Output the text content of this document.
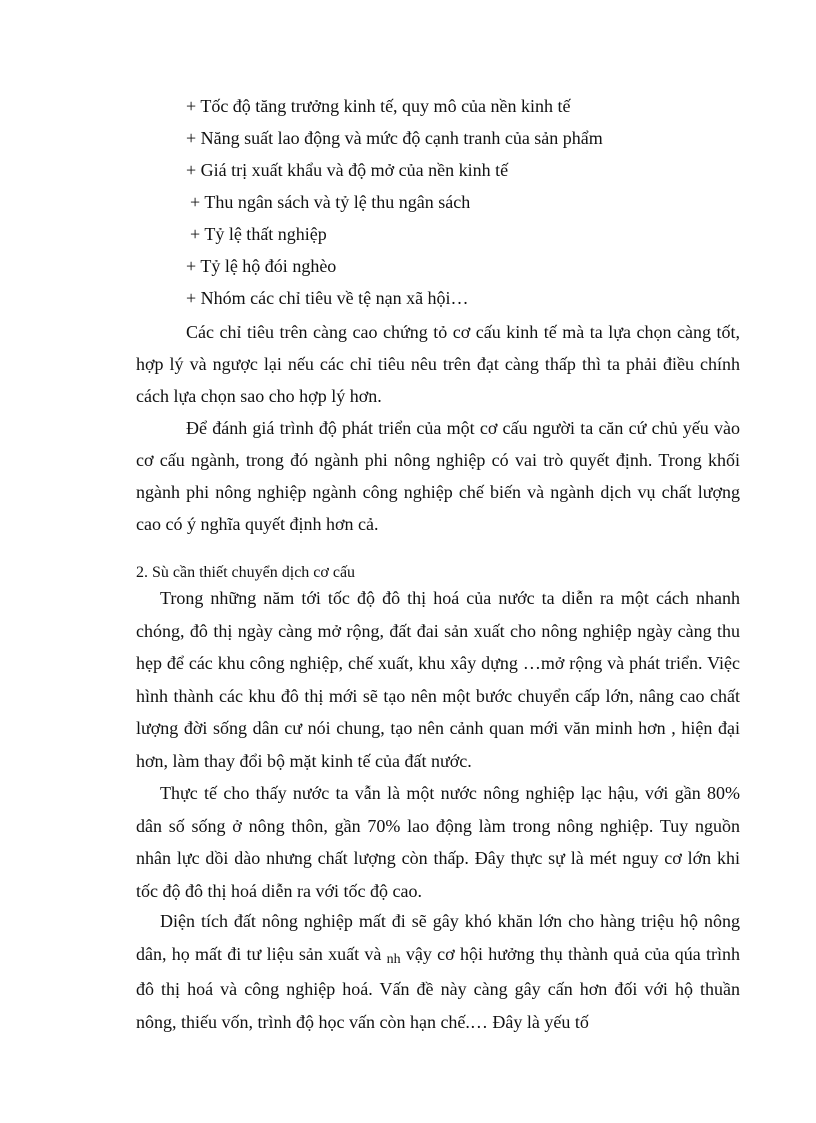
+ Tốc độ tăng trưởng kinh tế, quy mô của nền kinh tế
+ Năng suất lao động và mức độ cạnh tranh của sản phẩm
+ Giá trị xuất khẩu và độ mở của nền kinh tế
+ Thu ngân sách và tỷ lệ thu ngân sách
+ Tỷ lệ thất nghiệp
+ Tỷ lệ hộ đói nghèo
+ Nhóm các chỉ tiêu về tệ nạn xã hội…

Các chỉ tiêu trên càng cao chứng tỏ cơ cấu kinh tế mà ta lựa chọn càng tốt, hợp lý và ngược lại nếu các chỉ tiêu nêu trên đạt càng thấp thì ta phải điều chính cách lựa chọn sao cho hợp lý hơn.

Để đánh giá trình độ phát triển của một cơ cấu người ta căn cứ chủ yếu vào cơ cấu ngành, trong đó ngành phi nông nghiệp có vai trò quyết định. Trong khối ngành phi nông nghiệp ngành công nghiệp chế biến và ngành dịch vụ chất lượng cao có ý nghĩa quyết định hơn cả.

2. Sù cần thiết chuyển dịch cơ cấu

Trong những năm tới tốc độ đô thị hoá của nước ta diễn ra một cách nhanh chóng, đô thị ngày càng mở rộng, đất đai sản xuất cho nông nghiệp ngày càng thu hẹp để các khu công nghiệp, chế xuất, khu xây dựng …mở rộng và phát triển. Việc hình thành các khu đô thị mới sẽ tạo nên một bước chuyển cấp lớn, nâng cao chất lượng đời sống dân cư nói chung, tạo nên cảnh quan mới văn minh hơn , hiện đại hơn, làm thay đổi bộ mặt kinh tế của đất nước.

Thực tế cho thấy nước ta vẫn là một nước nông nghiệp lạc hậu, với gần 80% dân số sống ở nông thôn, gần 70% lao động làm trong nông nghiệp. Tuy nguồn nhân lực dồi dào nhưng chất lượng còn thấp. Đây thực sự là mét nguy cơ lớn khi tốc độ đô thị hoá diễn ra với tốc độ cao.

Diện tích đất nông nghiệp mất đi sẽ gây khó khăn lớn cho hàng triệu hộ nông dân, họ mất đi tư liệu sản xuất và nh vậy cơ hội hưởng thụ thành quả của qúa trình đô thị hoá và công nghiệp hoá. Vấn đề này càng gây cấn hơn đối với hộ thuần nông, thiếu vốn, trình độ học vấn còn hạn chế.… Đây là yếu tố
